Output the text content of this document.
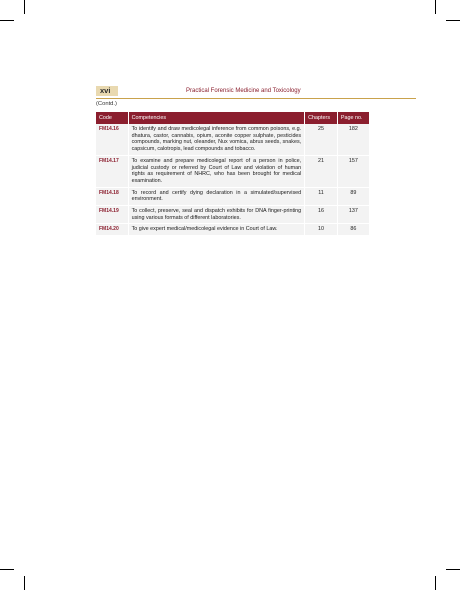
xvi	Practical Forensic Medicine and Toxicology
(Contd.)
Code	Competencies	Chapters	Page no.
FM14.16	To identify and draw medicolegal inference from common poisons, e.g. dhatura, castor, cannabis, opium, aconite copper sulphate, pesticides compounds, marking nut, oleander, Nux vomica, abrus seeds, snakes, capsicum, calotropis, lead compounds and tobacco.	25	182
FM14.17	To examine and prepare medicolegal report of a person in police, judicial custody or referred by Court of Law and violation of human rights as requirement of NHRC, who has been brought for medical examination.	21	157
FM14.18	To record and certify dying declaration in a simulated/supervised environment.	11	89
FM14.19	To collect, preserve, seal and dispatch exhibits for DNA finger-printing using various formats of different laboratories.	16	137
FM14.20	To give expert medical/medicolegal evidence in Court of Law.	10	86
